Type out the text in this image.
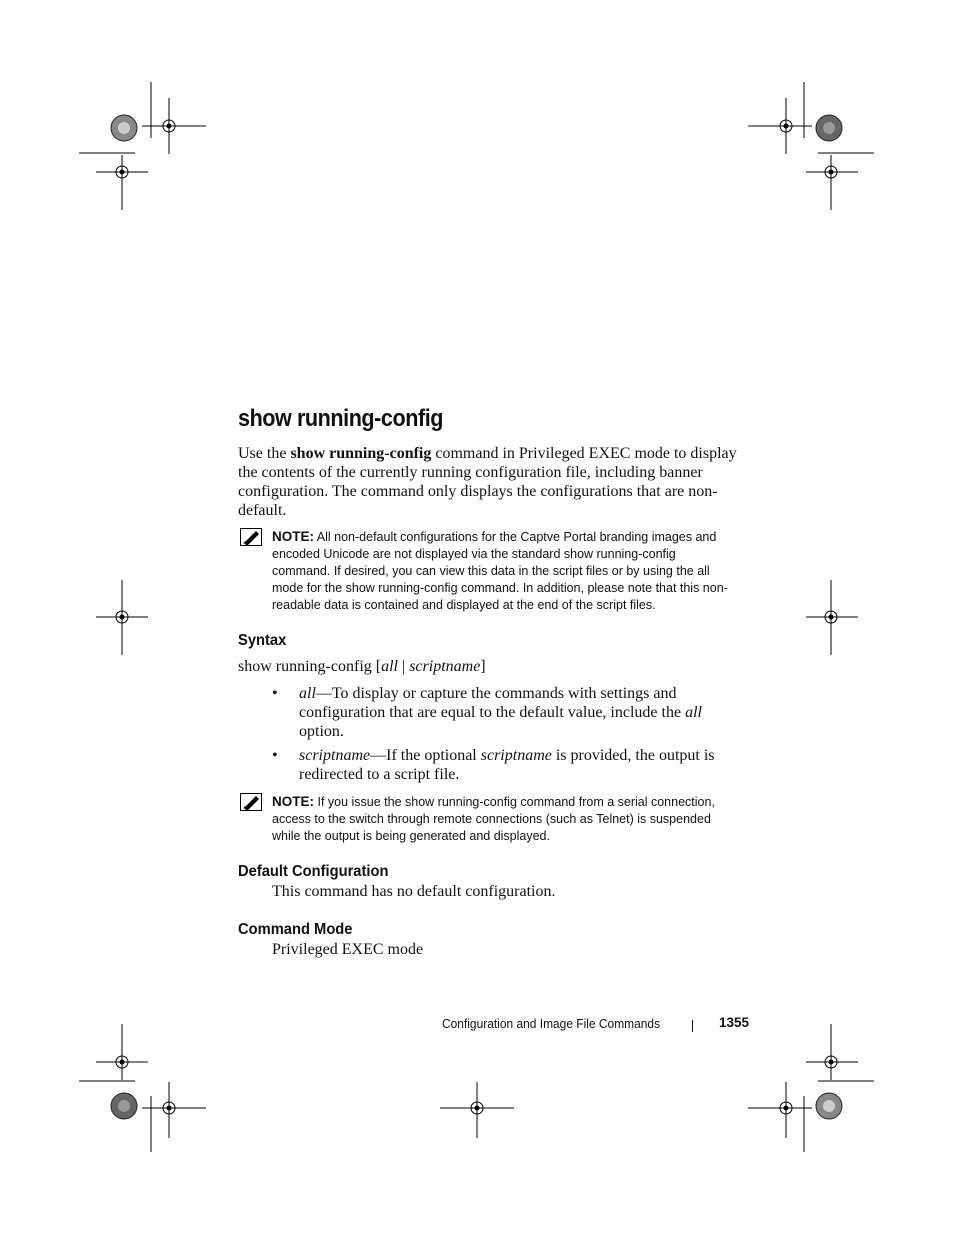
show running-config
Use the show running-config command in Privileged EXEC mode to display the contents of the currently running configuration file, including banner configuration. The command only displays the configurations that are non-default.

NOTE: All non-default configurations for the Captve Portal branding images and encoded Unicode are not displayed via the standard show running-config command. If desired, you can view this data in the script files or by using the all mode for the show running-config command. In addition, please note that this non-readable data is contained and displayed at the end of the script files.

Syntax
show running-config [all | scriptname]
• all—To display or capture the commands with settings and configuration that are equal to the default value, include the all option.
• scriptname—If the optional scriptname is provided, the output is redirected to a script file.

NOTE: If you issue the show running-config command from a serial connection, access to the switch through remote connections (such as Telnet) is suspended while the output is being generated and displayed.

Default Configuration
This command has no default configuration.
Command Mode
Privileged EXEC mode
Configuration and Image File Commands	1355
